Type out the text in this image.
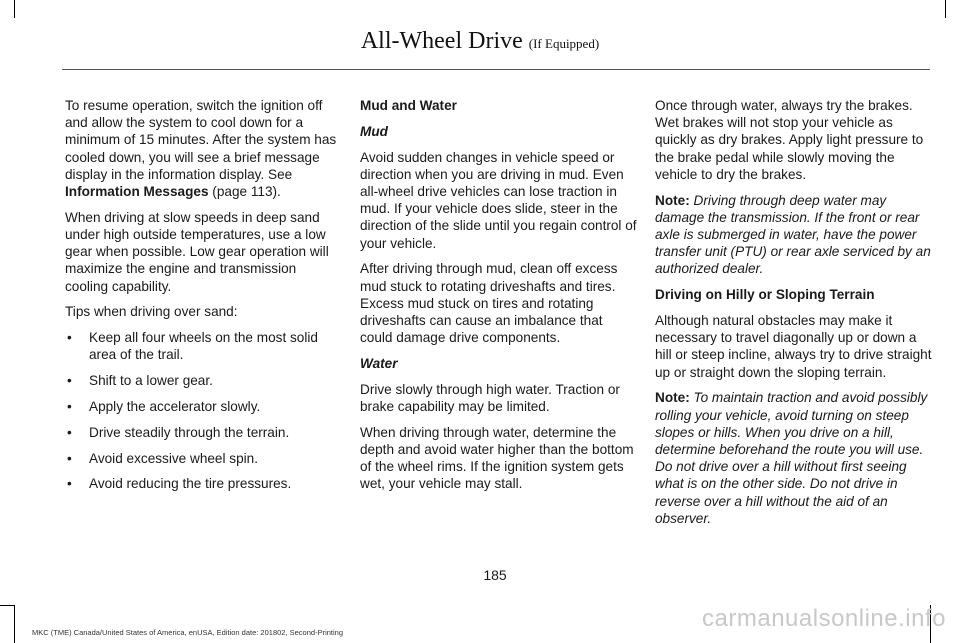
All-Wheel Drive (If Equipped)

To resume operation, switch the ignition off and allow the system to cool down for a minimum of 15 minutes. After the system has cooled down, you will see a brief message display in the information display. See Information Messages (page 113).

When driving at slow speeds in deep sand under high outside temperatures, use a low gear when possible. Low gear operation will maximize the engine and transmission cooling capability.

Tips when driving over sand:

• Keep all four wheels on the most solid area of the trail.
• Shift to a lower gear.
• Apply the accelerator slowly.
• Drive steadily through the terrain.
• Avoid excessive wheel spin.
• Avoid reducing the tire pressures.

Mud and Water

Mud

Avoid sudden changes in vehicle speed or direction when you are driving in mud. Even all-wheel drive vehicles can lose traction in mud. If your vehicle does slide, steer in the direction of the slide until you regain control of your vehicle.

After driving through mud, clean off excess mud stuck to rotating driveshafts and tires. Excess mud stuck on tires and rotating driveshafts can cause an imbalance that could damage drive components.

Water

Drive slowly through high water. Traction or brake capability may be limited.

When driving through water, determine the depth and avoid water higher than the bottom of the wheel rims. If the ignition system gets wet, your vehicle may stall.

Once through water, always try the brakes. Wet brakes will not stop your vehicle as quickly as dry brakes. Apply light pressure to the brake pedal while slowly moving the vehicle to dry the brakes.

Note: Driving through deep water may damage the transmission. If the front or rear axle is submerged in water, have the power transfer unit (PTU) or rear axle serviced by an authorized dealer.

Driving on Hilly or Sloping Terrain

Although natural obstacles may make it necessary to travel diagonally up or down a hill or steep incline, always try to drive straight up or straight down the sloping terrain.

Note: To maintain traction and avoid possibly rolling your vehicle, avoid turning on steep slopes or hills. When you drive on a hill, determine beforehand the route you will use. Do not drive over a hill without first seeing what is on the other side. Do not drive in reverse over a hill without the aid of an observer.

185
MKC (TME) Canada/United States of America, enUSA, Edition date: 201802, Second-Printing
carmanualsonline.info
